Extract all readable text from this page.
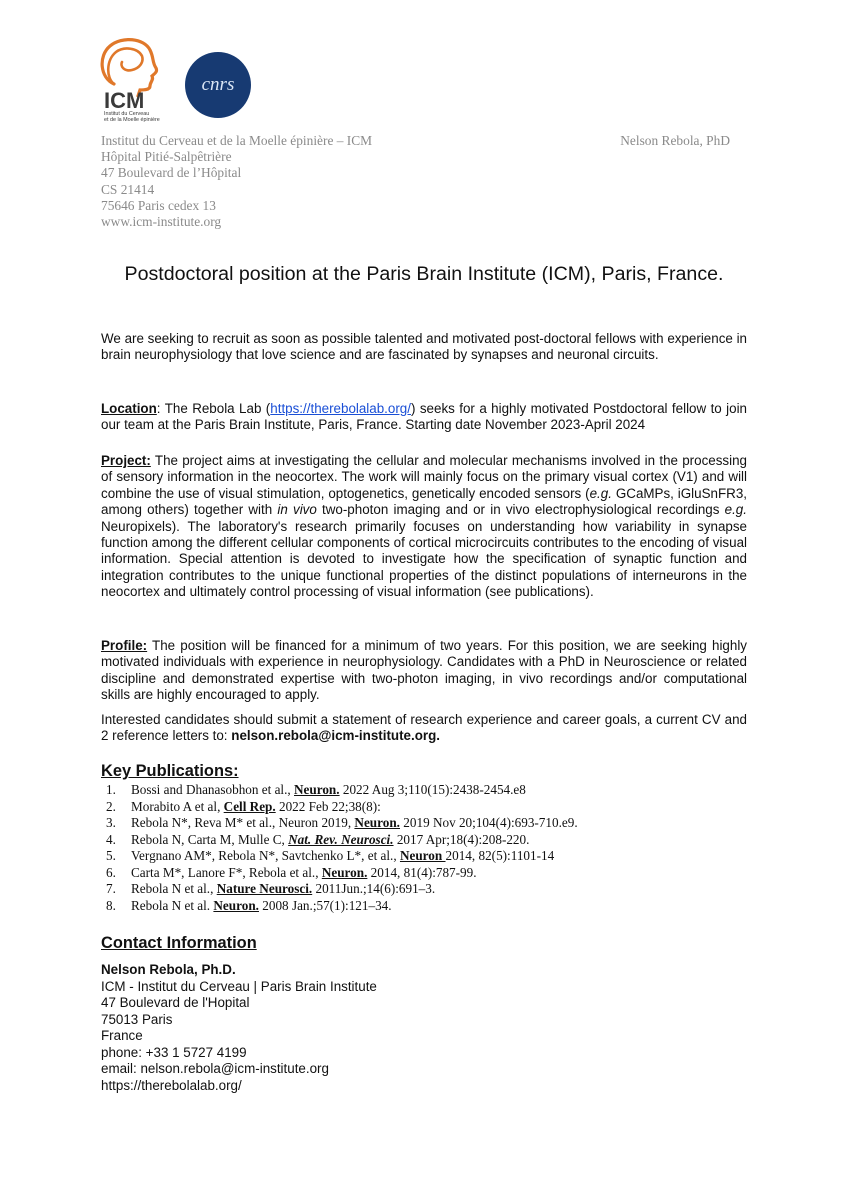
ICM
Institut du Cerveau
et de la Moelle épinière
cnrs
Institut du Cerveau et de la Moelle épinière – ICM
Hôpital Pitié-Salpêtrière
47 Boulevard de l’Hôpital
CS 21414
75646 Paris cedex 13
www.icm-institute.org
Nelson Rebola, PhD
Postdoctoral position at the Paris Brain Institute (ICM), Paris, France.
We are seeking to recruit as soon as possible talented and motivated post-doctoral fellows with experience in brain neurophysiology that love science and are fascinated by synapses and neuronal circuits.
Location: The Rebola Lab (https://therebolalab.org/) seeks for a highly motivated Postdoctoral fellow to join our team at the Paris Brain Institute, Paris, France. Starting date November 2023-April 2024
Project: The project aims at investigating the cellular and molecular mechanisms involved in the processing of sensory information in the neocortex. The work will mainly focus on the primary visual cortex (V1) and will combine the use of visual stimulation, optogenetics, genetically encoded sensors (e.g. GCaMPs, iGluSnFR3, among others) together with in vivo two-photon imaging and or in vivo electrophysiological recordings e.g. Neuropixels). The laboratory's research primarily focuses on understanding how variability in synapse function among the different cellular components of cortical microcircuits contributes to the encoding of visual information. Special attention is devoted to investigate how the specification of synaptic function and integration contributes to the unique functional properties of the distinct populations of interneurons in the neocortex and ultimately control processing of visual information (see publications).
Profile: The position will be financed for a minimum of two years. For this position, we are seeking highly motivated individuals with experience in neurophysiology. Candidates with a PhD in Neuroscience or related discipline and demonstrated expertise with two-photon imaging, in vivo recordings and/or computational skills are highly encouraged to apply.
Interested candidates should submit a statement of research experience and career goals, a current CV and 2 reference letters to: nelson.rebola@icm-institute.org.
Key Publications:
1. Bossi and Dhanasobhon et al., Neuron. 2022 Aug 3;110(15):2438-2454.e8
2. Morabito A et al, Cell Rep. 2022 Feb 22;38(8):
3. Rebola N*, Reva M* et al., Neuron 2019, Neuron. 2019 Nov 20;104(4):693-710.e9.
4. Rebola N, Carta M, Mulle C, Nat. Rev. Neurosci. 2017 Apr;18(4):208-220.
5. Vergnano AM*, Rebola N*, Savtchenko L*, et al., Neuron 2014, 82(5):1101-14
6. Carta M*, Lanore F*, Rebola et al., Neuron. 2014, 81(4):787-99.
7. Rebola N et al., Nature Neurosci. 2011Jun.;14(6):691–3.
8. Rebola N et al. Neuron. 2008 Jan.;57(1):121–34.
Contact Information
Nelson Rebola, Ph.D.
ICM - Institut du Cerveau | Paris Brain Institute
47 Boulevard de l'Hopital
75013 Paris
France
phone: +33 1 5727 4199
email: nelson.rebola@icm-institute.org
https://therebolalab.org/
